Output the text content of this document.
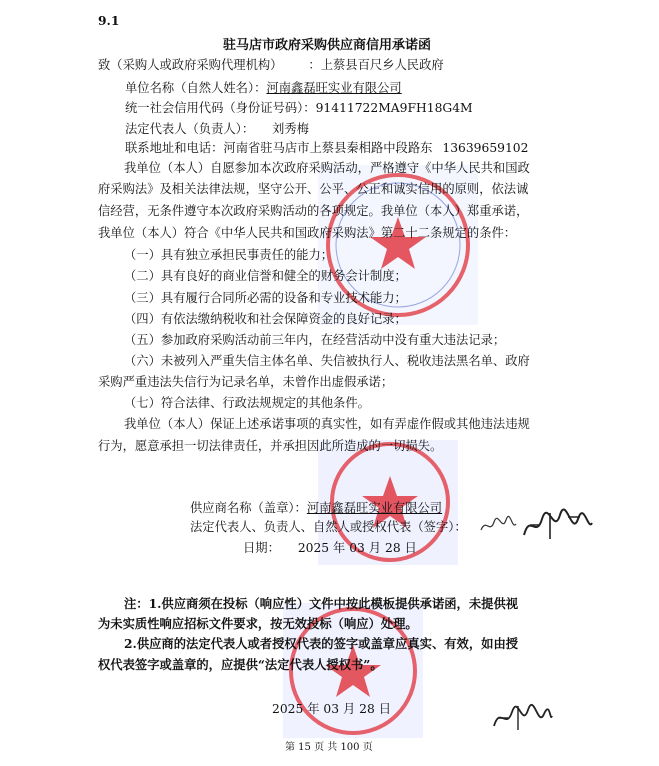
9.1
驻马店市政府采购供应商信用承诺函
致（采购人或政府采购代理机构） ：上蔡县百尺乡人民政府
单位名称（自然人姓名）：河南鑫磊旺实业有限公司
统一社会信用代码（身份证号码）：91411722MA9FH18G4M
法定代表人（负责人）： 刘秀梅
联系地址和电话：河南省驻马店市上蔡县秦相路中段路东 13639659102
我单位（本人）自愿参加本次政府采购活动，严格遵守《中华人民共和国政
府采购法》及相关法律法规，坚守公开、公平、公正和诚实信用的原则，依法诚
信经营，无条件遵守本次政府采购活动的各项规定。我单位（本人）郑重承诺，
我单位（本人）符合《中华人民共和国政府采购法》第二十二条规定的条件：
（一）具有独立承担民事责任的能力；
（二）具有良好的商业信誉和健全的财务会计制度；
（三）具有履行合同所必需的设备和专业技术能力；
（四）有依法缴纳税收和社会保障资金的良好记录；
（五）参加政府采购活动前三年内，在经营活动中没有重大违法记录；
（六）未被列入严重失信主体名单、失信被执行人、税收违法黑名单、政府
采购严重违法失信行为记录名单，未曾作出虚假承诺；
（七）符合法律、行政法规规定的其他条件。
我单位（本人）保证上述承诺事项的真实性，如有弄虚作假或其他违法违规
行为，愿意承担一切法律责任，并承担因此所造成的一切损失。
供应商名称（盖章）：河南鑫磊旺实业有限公司
法定代表人、负责人、自然人或授权代表（签字）：
日期： 2025 年 03 月 28 日
注：1.供应商须在投标（响应性）文件中按此模板提供承诺函，未提供视
为未实质性响应招标文件要求，按无效投标（响应）处理。
2.供应商的法定代表人或者授权代表的签字或盖章应真实、有效，如由授
权代表签字或盖章的，应提供“法定代表人授权书”。
2025 年 03 月 28 日
第 15 页 共 100 页
